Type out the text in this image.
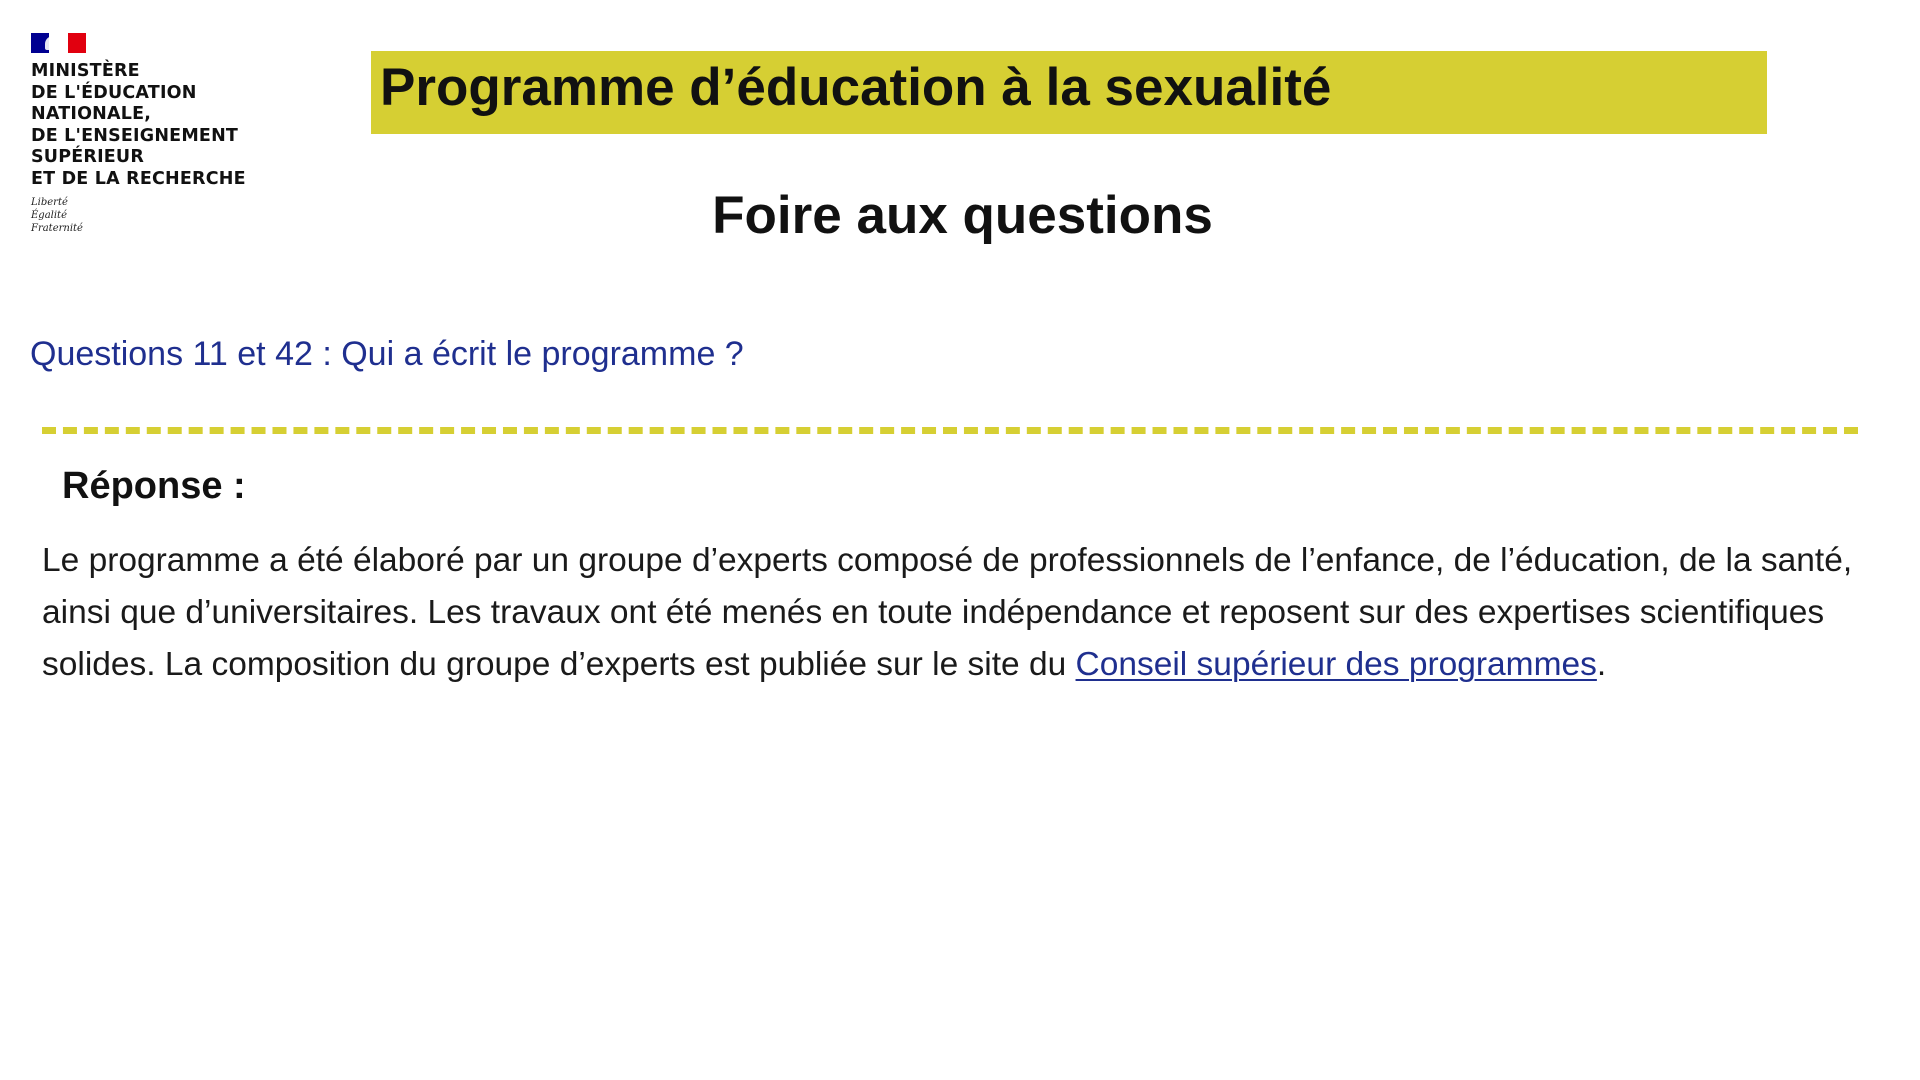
MINISTÈRE
DE L'ÉDUCATION
NATIONALE,
DE L'ENSEIGNEMENT
SUPÉRIEUR
ET DE LA RECHERCHE
Liberté
Égalité
Fraternité
Programme d’éducation à la sexualité
Foire aux questions
Questions 11 et 42 : Qui a écrit le programme ?
Réponse :
Le programme a été élaboré par un groupe d’experts composé de professionnels de l’enfance, de l’éducation, de la santé, ainsi que d’universitaires. Les travaux ont été menés en toute indépendance et reposent sur des expertises scientifiques solides. La composition du groupe d’experts est publiée sur le site du Conseil supérieur des programmes.
